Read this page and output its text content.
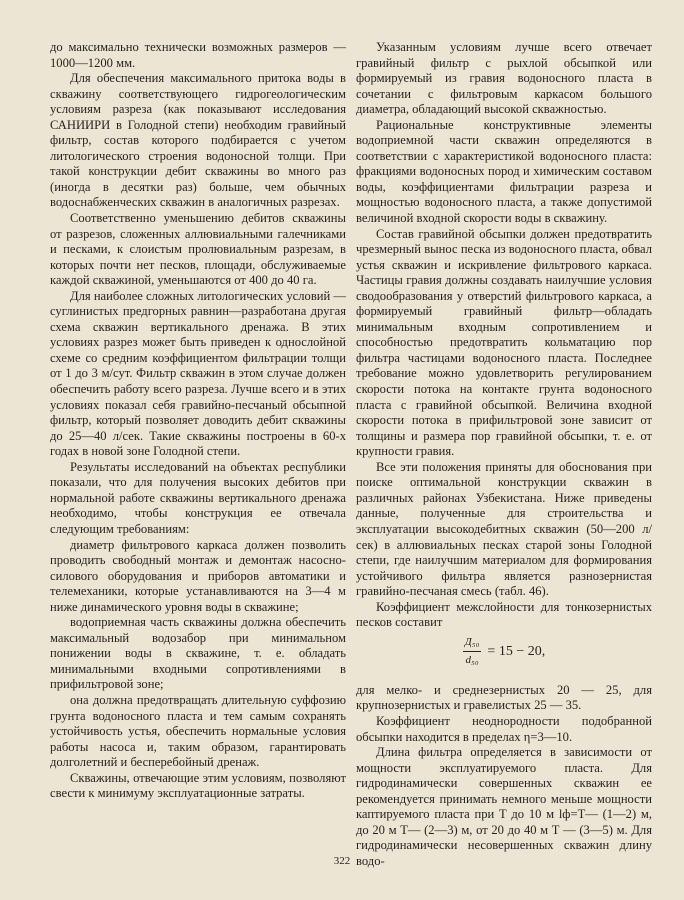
до максимально технически возможных размеров — 1000—1200 мм.

Для обеспечения максимального притока воды в скважину соответствующего гидрогеологическим условиям разреза (как показывают исследования САНИИРИ в Голодной степи) необходим гравийный фильтр, состав которого подбирается с учетом литологического строения водоносной толщи. При такой конструкции дебит скважины во много раз (иногда в десятки раз) больше, чем обычных водоснабженческих скважин в аналогичных разрезах.

Соответственно уменьшению дебитов скважины от разрезов, сложенных аллювиальными галечниками и песками, к слоистым пролювиальным разрезам, в которых почти нет песков, площади, обслуживаемые каждой скважиной, уменьшаются от 400 до 40 га.

Для наиболее сложных литологических условий — суглинистых предгорных равнин—разработана другая схема скважин вертикального дренажа. В этих условиях разрез может быть приведен к однослойной схеме со средним коэффициентом фильтрации толщи от 1 до 3 м/сут. Фильтр скважин в этом случае должен обеспечить работу всего разреза. Лучше всего и в этих условиях показал себя гравийно-песчаный обсыпной фильтр, который позволяет доводить дебит скважины до 25—40 л/сек. Такие скважины построены в 60-х годах в новой зоне Голодной степи.

Результаты исследований на объектах республики показали, что для получения высоких дебитов при нормальной работе скважины вертикального дренажа необходимо, чтобы конструкция ее отвечала следующим требованиям:

диаметр фильтрового каркаса должен позволить проводить свободный монтаж и демонтаж насосно-силового оборудования и приборов автоматики и телемеханики, которые устанавливаются на 3—4 м ниже динамического уровня воды в скважине;

водоприемная часть скважины должна обеспечить максимальный водозабор при минимальном понижении воды в скважине, т. е. обладать минимальными входными сопротивлениями в прифильтровой зоне;

она должна предотвращать длительную суффозию грунта водоносного пласта и тем самым сохранять устойчивость устья, обеспечить нормальные условия работы насоса и, таким образом, гарантировать долголетний и бесперебойный дренаж.

Скважины, отвечающие этим условиям, позволяют свести к минимуму эксплуатационные затраты.

Указанным условиям лучше всего отвечает гравийный фильтр с рыхлой обсыпкой или формируемый из гравия водоносного пласта в сочетании с фильтровым каркасом большого диаметра, обладающий высокой скважностью.

Рациональные конструктивные элементы водоприемной части скважин определяются в соответствии с характеристикой водоносного пласта: фракциями водоносных пород и химическим составом воды, коэффициентами фильтрации разреза и мощностью водоносного пласта, а также допустимой величиной входной скорости воды в скважину.

Состав гравийной обсыпки должен предотвратить чрезмерный вынос песка из водоносного пласта, обвал устья скважин и искривление фильтрового каркаса. Частицы гравия должны создавать наилучшие условия сводообразования у отверстий фильтрового каркаса, а формируемый гравийный фильтр—обладать минимальным входным сопротивлением и способностью предотвратить кольматацию пор фильтра частицами водоносного пласта. Последнее требование можно удовлетворить регулированием скорости потока на контакте грунта водоносного пласта с гравийной обсыпкой. Величина входной скорости потока в прифильтровой зоне зависит от толщины и размера пор гравийной обсыпки, т. е. от крупности гравия.

Все эти положения приняты для обоснования при поиске оптимальной конструкции скважин в различных районах Узбекистана. Ниже приведены данные, полученные для строительства и эксплуатации высокодебитных скважин (50—200 л/сек) в аллювиальных песках старой зоны Голодной степи, где наилучшим материалом для формирования устойчивого фильтра является разнозернистая гравийно-песчаная смесь (табл. 46).

Коэффициент межслойности для тонкозернистых песков составит

$\frac{\text{Д₅₀}}{\text{d₅₀}} = 15 - 20$,

для мелко- и среднезернистых 20 — 25, для крупнозернистых и гравелистых 25 — 35.

Коэффициент неоднородности подобранной обсыпки находится в пределах η=3—10.

Длина фильтра определяется в зависимости от мощности эксплуатируемого пласта. Для гидродинамически совершенных скважин ее рекомендуется принимать немного меньше мощности каптируемого пласта при Т до 10 м lф=Т— (1—2) м, до 20 м Т— (2—3) м, от 20 до 40 м Т — (3—5) м. Для гидродинамически несовершенных скважин длину водо-

322
